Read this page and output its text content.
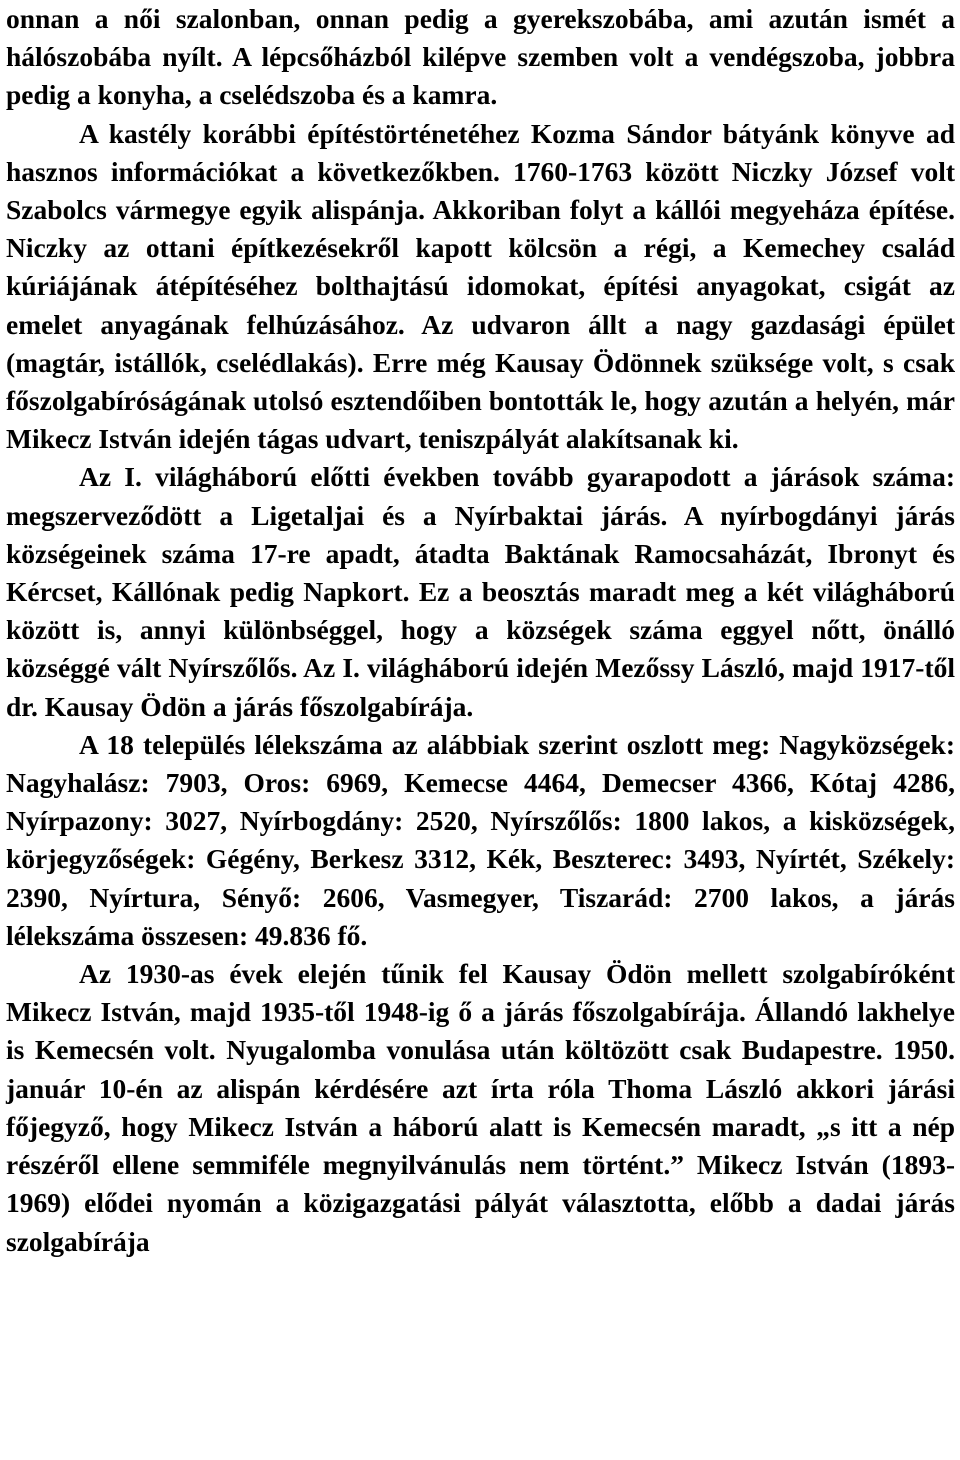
onnan a női szalonban, onnan pedig a gyerekszobába, ami azután ismét a hálószobába nyílt. A lépcsőházból kilépve szemben volt a vendégszoba, jobbra pedig a konyha, a cselédszoba és a kamra.

A kastély korábbi építéstörténetéhez Kozma Sándor bátyánk könyve ad hasznos információkat a következőkben. 1760-1763 között Niczky József volt Szabolcs vármegye egyik alispánja. Akkoriban folyt a kállói megyeháza építése. Niczky az ottani építkezésekről kapott kölcsön a régi, a Kemechey család kúriájának átépítéséhez bolthajtású idomokat, építési anyagokat, csigát az emelet anyagának felhúzásához. Az udvaron állt a nagy gazdasági épület (magtár, istállók, cselédlakás). Erre még Kausay Ödönnek szüksége volt, s csak főszolgabíróságának utolsó esztendőiben bontották le, hogy azután a helyén, már Mikecz István idején tágas udvart, teniszpályát alakítsanak ki.

Az I. világháború előtti években tovább gyarapodott a járások száma: megszerveződött a Ligetaljai és a Nyírbaktai járás. A nyírbogdányi járás községeinek száma 17-re apadt, átadta Baktának Ramocsaházát, Ibronyt és Kércset, Kállónak pedig Napkort. Ez a beosztás maradt meg a két világháború között is, annyi különbséggel, hogy a községek száma eggyel nőtt, önálló községgé vált Nyírszőlős. Az I. világháború idején Mezőssy László, majd 1917-től dr. Kausay Ödön a járás főszolgabírája.

A 18 település lélekszáma az alábbiak szerint oszlott meg: Nagyközségek: Nagyhalász: 7903, Oros: 6969, Kemecse 4464, Demecser 4366, Kótaj 4286, Nyírpazony: 3027, Nyírbogdány: 2520, Nyírszőlős: 1800 lakos, a kisközségek, körjegyzőségek: Gégény, Berkesz 3312, Kék, Beszterec: 3493, Nyírtét, Székely: 2390, Nyírtura, Sényő: 2606, Vasmegyer, Tiszarád: 2700 lakos, a járás lélekszáma összesen: 49.836 fő.

Az 1930-as évek elején tűnik fel Kausay Ödön mellett szolgabíróként Mikecz István, majd 1935-től 1948-ig ő a járás főszolgabírája. Állandó lakhelye is Kemecsén volt. Nyugalomba vonulása után költözött csak Budapestre. 1950. január 10-én az alispán kérdésére azt írta róla Thoma László akkori járási főjegyző, hogy Mikecz István a háború alatt is Kemecsén maradt, „s itt a nép részéről ellene semmiféle megnyilvánulás nem történt.” Mikecz István (1893-1969) elődei nyomán a közigazgatási pályát választotta, előbb a dadai járás szolgabírája
